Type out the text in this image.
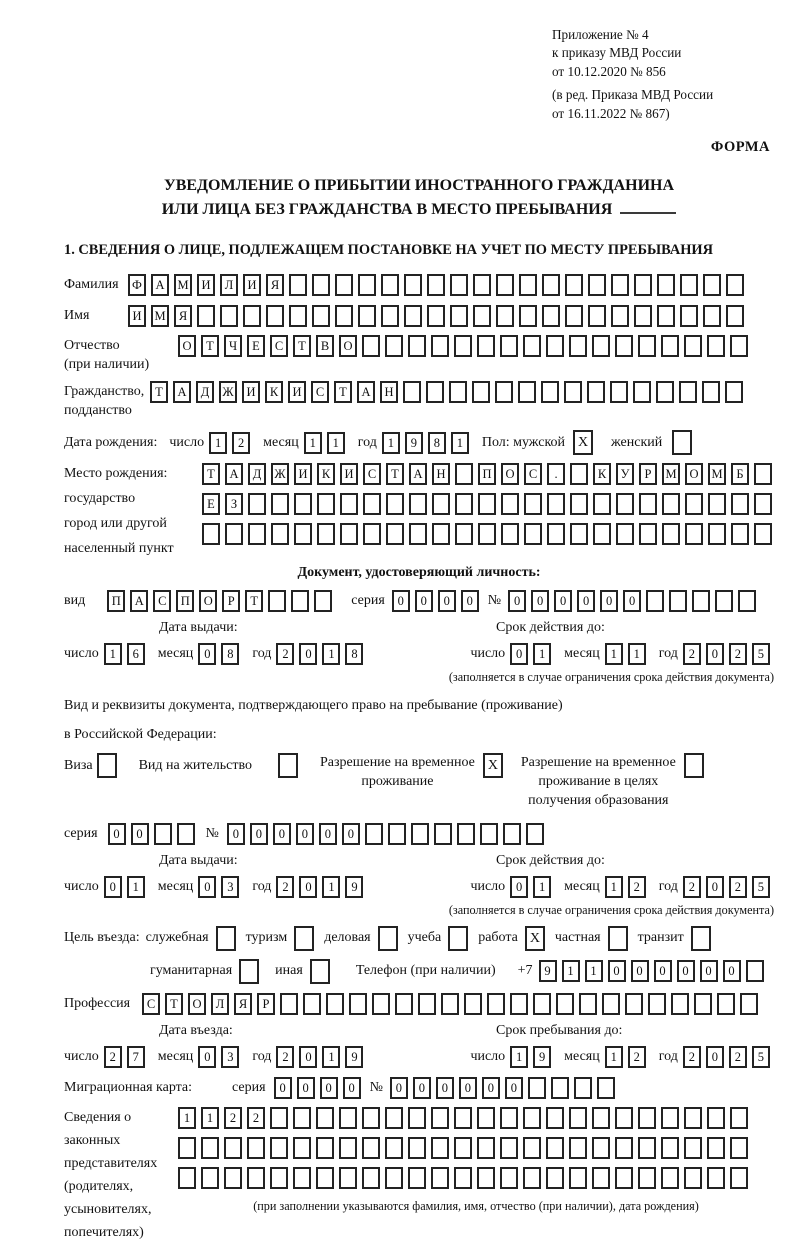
Приложение № 4
к приказу МВД России
от 10.12.2020 № 856
(в ред. Приказа МВД России
от 16.11.2022 № 867)
ФОРМА
УВЕДОМЛЕНИЕ О ПРИБЫТИИ ИНОСТРАННОГО ГРАЖДАНИНА
ИЛИ ЛИЦА БЕЗ ГРАЖДАНСТВА В МЕСТО ПРЕБЫВАНИЯ
1. СВЕДЕНИЯ О ЛИЦЕ, ПОДЛЕЖАЩЕМ ПОСТАНОВКЕ НА УЧЕТ ПО МЕСТУ ПРЕБЫВАНИЯ
Фамилия	Ф	А	М	И	Л	И	Я
Имя	И	М	Я
Отчество
(при наличии)
О	Т	Ч	Е	С	Т	В	О
Гражданство,
подданство
Т	А	Д	Ж	И	К	И	С	Т	А	Н
Дата рождения: число 1	2	месяц 1	1	год 1	9	8	1	Пол: мужской X	женский
Место рождения:
государство
город или другой
населенный пункт
Т	А	Д	Ж	И	К	И	С	Т	А	Н	П	О	С	.	К	У	Р	М	О	М	Б

Е	З

Документ, удостоверяющий личность:
вид	П	А	С	П	О	Р	Т	серия	0	0	0	0	№	0	0	0	0	0	0
Дата выдачи:	Срок действия до:
число 1	6	месяц 0	8	год 2	0	1	8	число 0	1	месяц 1	1	год 2	0	2	5
(заполняется в случае ограничения срока действия документа)
Вид и реквизиты документа, подтверждающего право на пребывание (проживание)
в Российской Федерации:
Виза	Вид на жительство	Разрешение на временное
проживание
X	Разрешение на временное
проживание в целях
получения образования
серия	0	0	№	0	0	0	0	0	0
Дата выдачи:	Срок действия до:
число 0	1	месяц 0	3	год 2	0	1	9	число 0	1	месяц 1	2	год 2	0	2	5
(заполняется в случае ограничения срока действия документа)
Цель въезда: служебная	туризм	деловая	учеба	работа X	частная	транзит
гуманитарная	иная	Телефон (при наличии) +7 9	1	1	0	0	0	0	0	0
Профессия	С	Т	О	Л	Я	Р
Дата въезда:	Срок пребывания до:
число 2	7	месяц 0	3	год 2	0	1	9	число 1	9	месяц 1	2	год 2	0	2	5
Миграционная карта:	серия	0	0	0	0	№	0	0	0	0	0	0
Сведения о
законных
представителях
(родителях,
усыновителях,
попечителях)
1	1	2	2

(при заполнении указываются фамилия, имя, отчество (при наличии), дата рождения)
